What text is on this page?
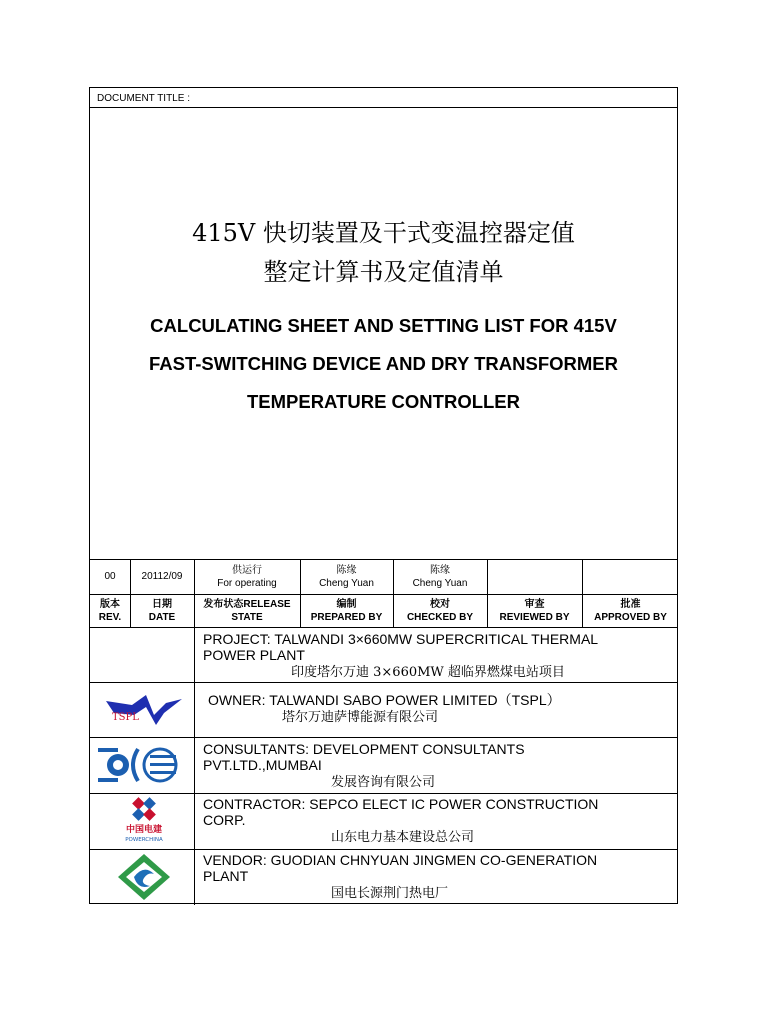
DOCUMENT TITLE :
415V 快切装置及干式变温控器定值
整定计算书及定值清单
CALCULATING SHEET AND SETTING LIST FOR 415V
FAST-SWITCHING DEVICE AND DRY TRANSFORMER
TEMPERATURE CONTROLLER
00	20112/09
供运行
For operating
陈缘
Cheng Yuan
陈缘
Cheng Yuan
版本
REV.
日期
DATE
发布状态RELEASE
STATE
编制
PREPARED BY
校对
CHECKED BY
审查
REVIEWED BY
批准
APPROVED BY
PROJECT: TALWANDI 3×660MW SUPERCRITICAL THERMAL
POWER PLANT
印度塔尔万迪 3×660MW 超临界燃煤电站项目
TSPL
OWNER: TALWANDI SABO POWER LIMITED（TSPL）
塔尔万迪萨博能源有限公司
CONSULTANTS: DEVELOPMENT CONSULTANTS
PVT.LTD.,MUMBAI
发展咨询有限公司
中国电建
POWERCHINA
CONTRACTOR: SEPCO ELECT IC POWER CONSTRUCTION
CORP.
山东电力基本建设总公司
VENDOR: GUODIAN CHNYUAN JINGMEN CO-GENERATION
PLANT
国电长源荆门热电厂
